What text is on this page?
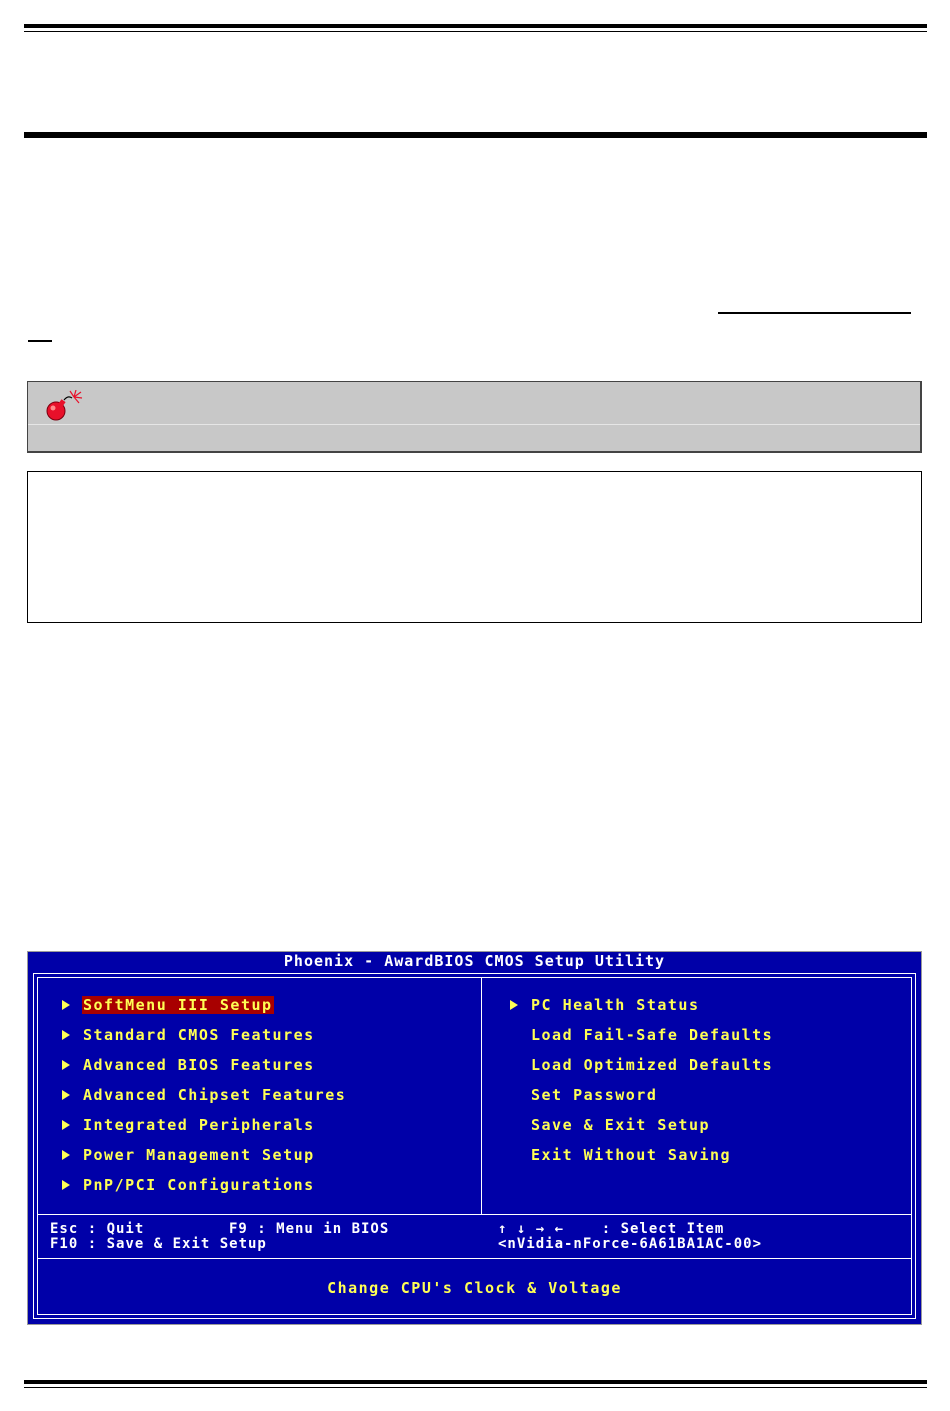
Phoenix - AwardBIOS CMOS Setup Utility
SoftMenu III Setup
Standard CMOS Features
Advanced BIOS Features
Advanced Chipset Features
Integrated Peripherals
Power Management Setup
PnP/PCI Configurations
PC Health Status
Load Fail-Safe Defaults
Load Optimized Defaults
Set Password
Save & Exit Setup
Exit Without Saving
Esc : Quit	F9 : Menu in BIOS	↑ ↓ → ←    : Select Item
F10 : Save & Exit Setup	<nVidia-nForce-6A61BA1AC-00>
Change CPU's Clock & Voltage
